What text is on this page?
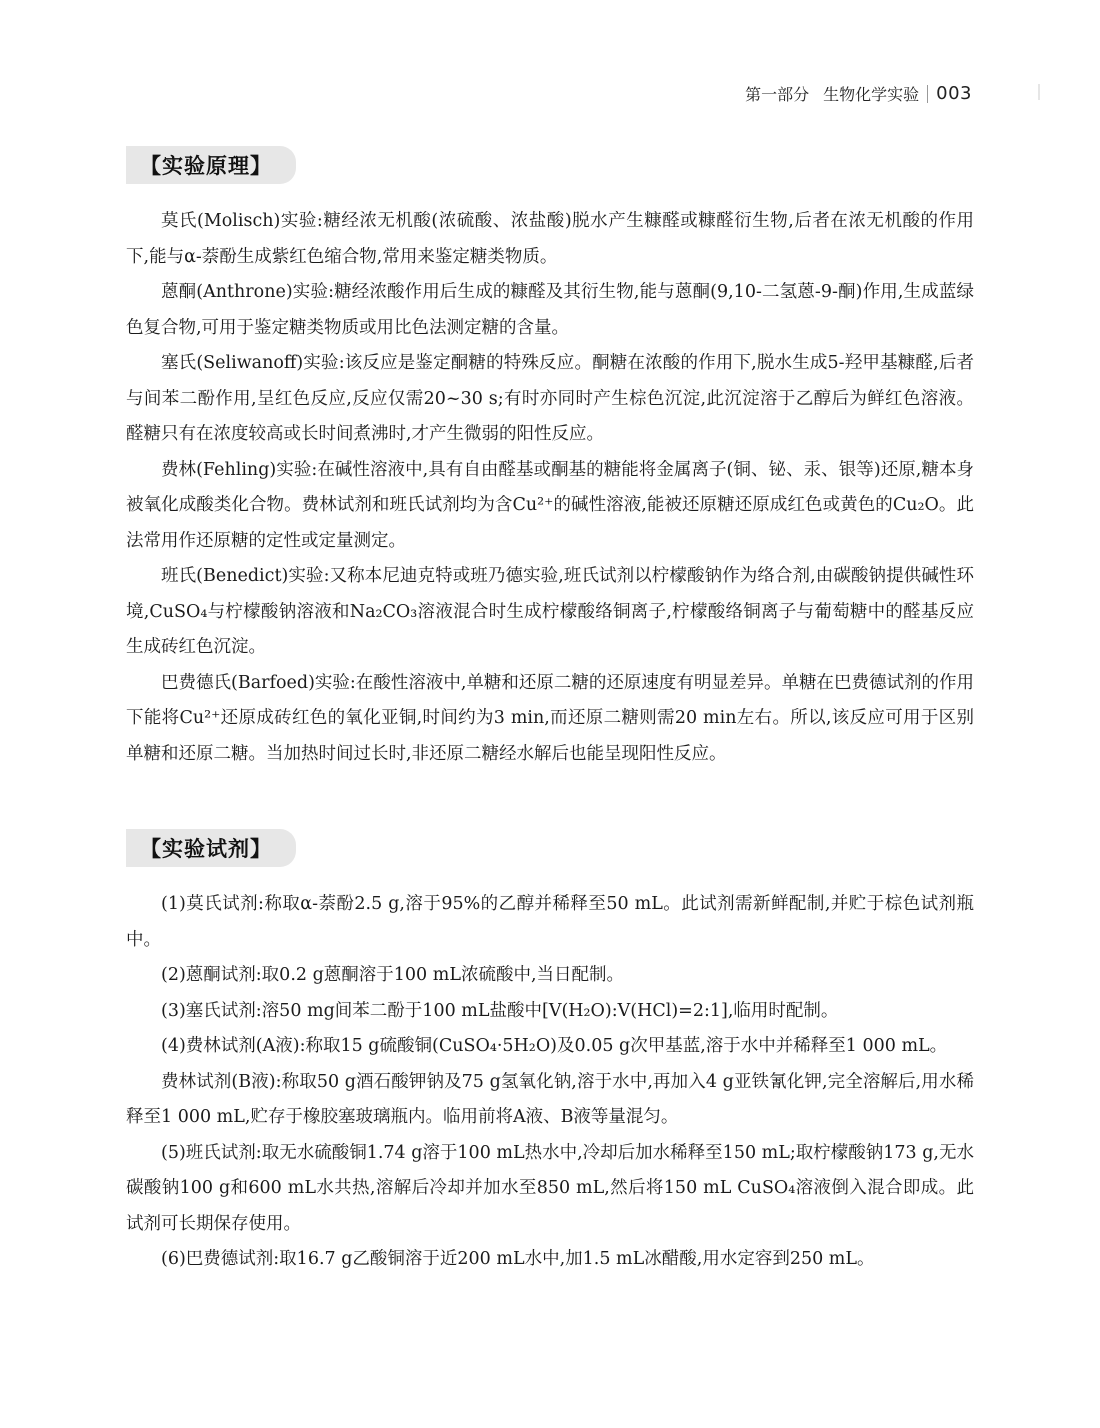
第一部分 生物化学实验 003
【实验原理】

莫氏(Molisch)实验:糖经浓无机酸(浓硫酸、浓盐酸)脱水产生糠醛或糠醛衍生物,后者在浓无机酸的作用下,能与α-萘酚生成紫红色缩合物,常用来鉴定糖类物质。

蒽酮(Anthrone)实验:糖经浓酸作用后生成的糠醛及其衍生物,能与蒽酮(9,10-二氢蒽-9-酮)作用,生成蓝绿色复合物,可用于鉴定糖类物质或用比色法测定糖的含量。

塞氏(Seliwanoff)实验:该反应是鉴定酮糖的特殊反应。酮糖在浓酸的作用下,脱水生成5-羟甲基糠醛,后者与间苯二酚作用,呈红色反应,反应仅需20~30 s;有时亦同时产生棕色沉淀,此沉淀溶于乙醇后为鲜红色溶液。醛糖只有在浓度较高或长时间煮沸时,才产生微弱的阳性反应。

费林(Fehling)实验:在碱性溶液中,具有自由醛基或酮基的糖能将金属离子(铜、铋、汞、银等)还原,糖本身被氧化成酸类化合物。费林试剂和班氏试剂均为含Cu²⁺的碱性溶液,能被还原糖还原成红色或黄色的Cu₂O。此法常用作还原糖的定性或定量测定。

班氏(Benedict)实验:又称本尼迪克特或班乃德实验,班氏试剂以柠檬酸钠作为络合剂,由碳酸钠提供碱性环境,CuSO₄与柠檬酸钠溶液和Na₂CO₃溶液混合时生成柠檬酸络铜离子,柠檬酸络铜离子与葡萄糖中的醛基反应生成砖红色沉淀。

巴费德氏(Barfoed)实验:在酸性溶液中,单糖和还原二糖的还原速度有明显差异。单糖在巴费德试剂的作用下能将Cu²⁺还原成砖红色的氧化亚铜,时间约为3 min,而还原二糖则需20 min左右。所以,该反应可用于区别单糖和还原二糖。当加热时间过长时,非还原二糖经水解后也能呈现阳性反应。

【实验试剂】

(1)莫氏试剂:称取α-萘酚2.5 g,溶于95%的乙醇并稀释至50 mL。此试剂需新鲜配制,并贮于棕色试剂瓶中。

(2)蒽酮试剂:取0.2 g蒽酮溶于100 mL浓硫酸中,当日配制。

(3)塞氏试剂:溶50 mg间苯二酚于100 mL盐酸中[V(H₂O):V(HCl)=2:1],临用时配制。

(4)费林试剂(A液):称取15 g硫酸铜(CuSO₄·5H₂O)及0.05 g次甲基蓝,溶于水中并稀释至1 000 mL。

费林试剂(B液):称取50 g酒石酸钾钠及75 g氢氧化钠,溶于水中,再加入4 g亚铁氰化钾,完全溶解后,用水稀释至1 000 mL,贮存于橡胶塞玻璃瓶内。临用前将A液、B液等量混匀。

(5)班氏试剂:取无水硫酸铜1.74 g溶于100 mL热水中,冷却后加水稀释至150 mL;取柠檬酸钠173 g,无水碳酸钠100 g和600 mL水共热,溶解后冷却并加水至850 mL,然后将150 mL CuSO₄溶液倒入混合即成。此试剂可长期保存使用。

(6)巴费德试剂:取16.7 g乙酸铜溶于近200 mL水中,加1.5 mL冰醋酸,用水定容到250 mL。
